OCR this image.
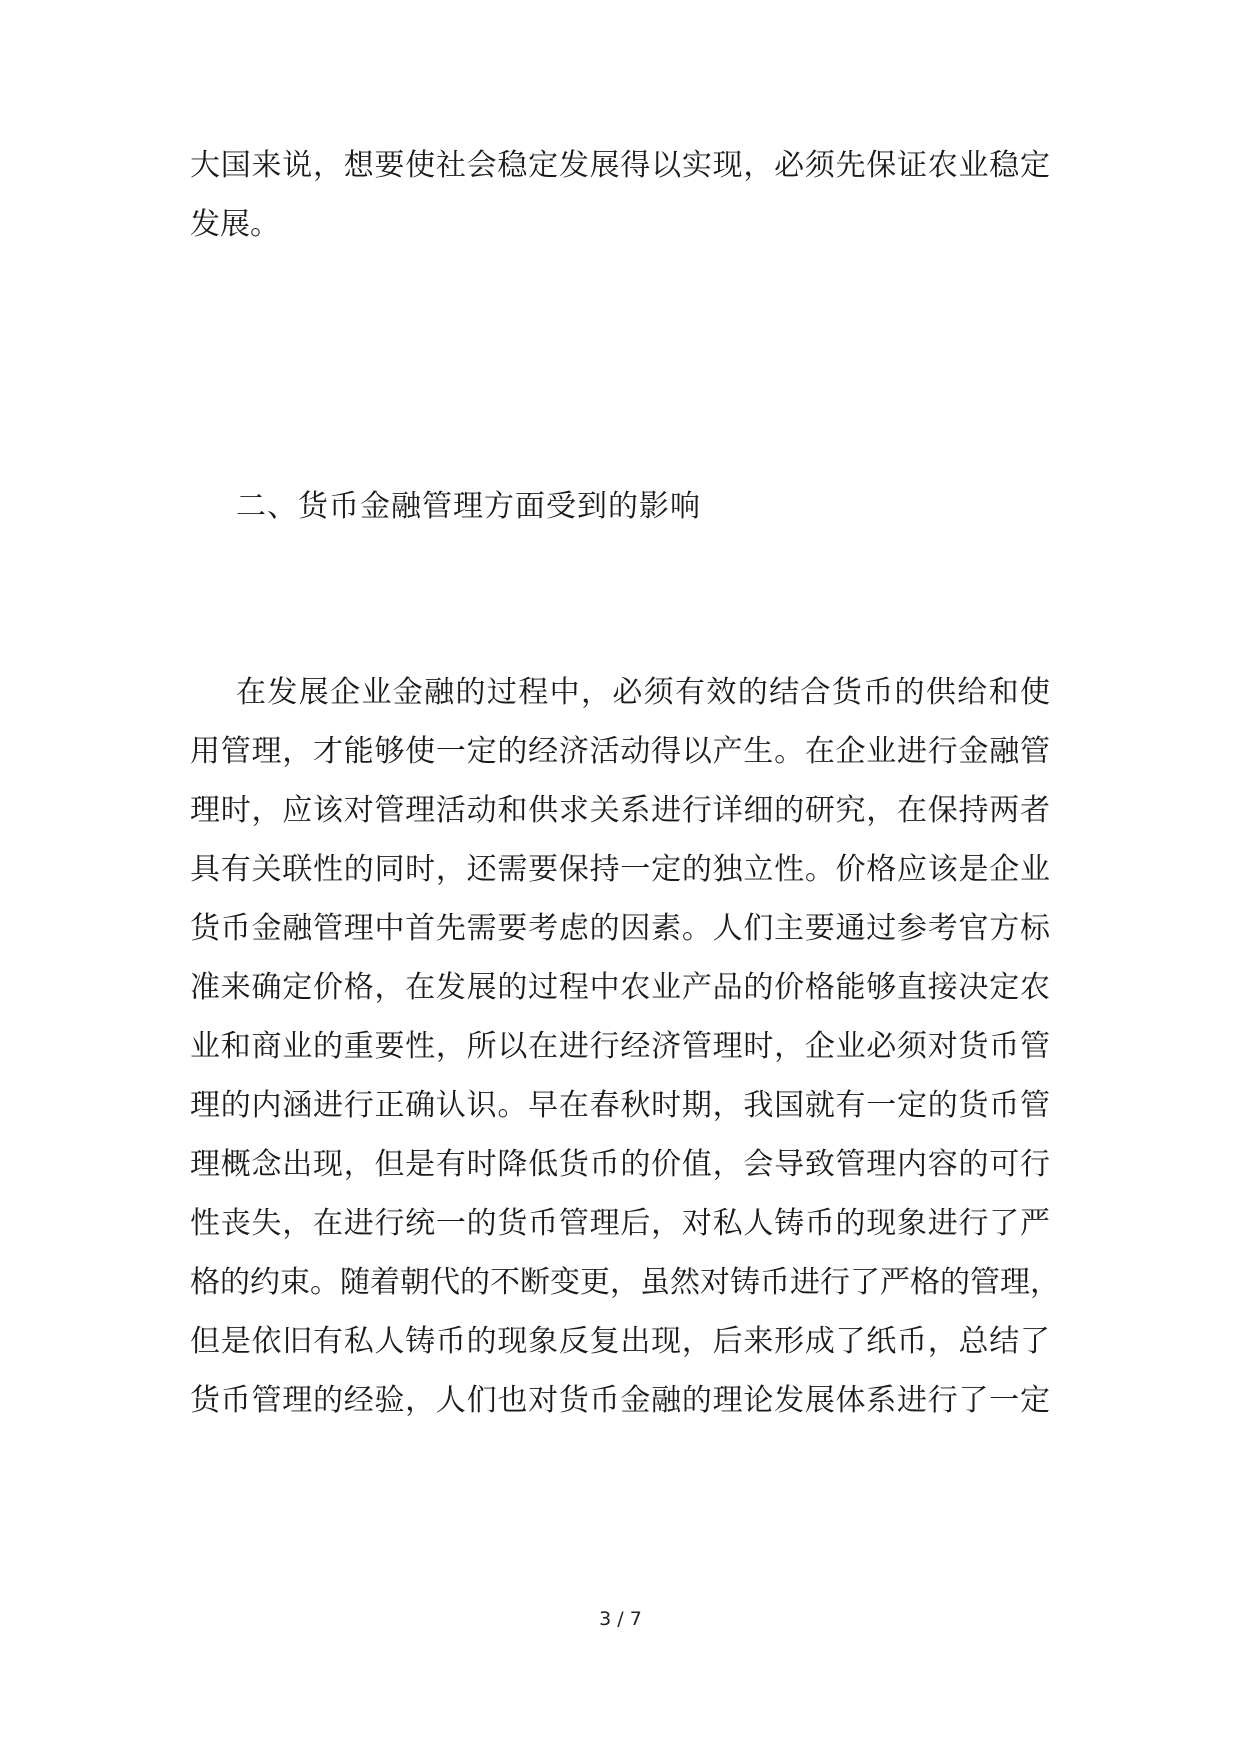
大国来说，想要使社会稳定发展得以实现，必须先保证农业稳定
发展。
二、货币金融管理方面受到的影响
在发展企业金融的过程中，必须有效的结合货币的供给和使
用管理，才能够使一定的经济活动得以产生。在企业进行金融管
理时，应该对管理活动和供求关系进行详细的研究，在保持两者
具有关联性的同时，还需要保持一定的独立性。价格应该是企业
货币金融管理中首先需要考虑的因素。人们主要通过参考官方标
准来确定价格，在发展的过程中农业产品的价格能够直接决定农
业和商业的重要性，所以在进行经济管理时，企业必须对货币管
理的内涵进行正确认识。早在春秋时期，我国就有一定的货币管
理概念出现，但是有时降低货币的价值，会导致管理内容的可行
性丧失，在进行统一的货币管理后，对私人铸币的现象进行了严
格的约束。随着朝代的不断变更，虽然对铸币进行了严格的管理，
但是依旧有私人铸币的现象反复出现，后来形成了纸币，总结了
货币管理的经验，人们也对货币金融的理论发展体系进行了一定
3 / 7
